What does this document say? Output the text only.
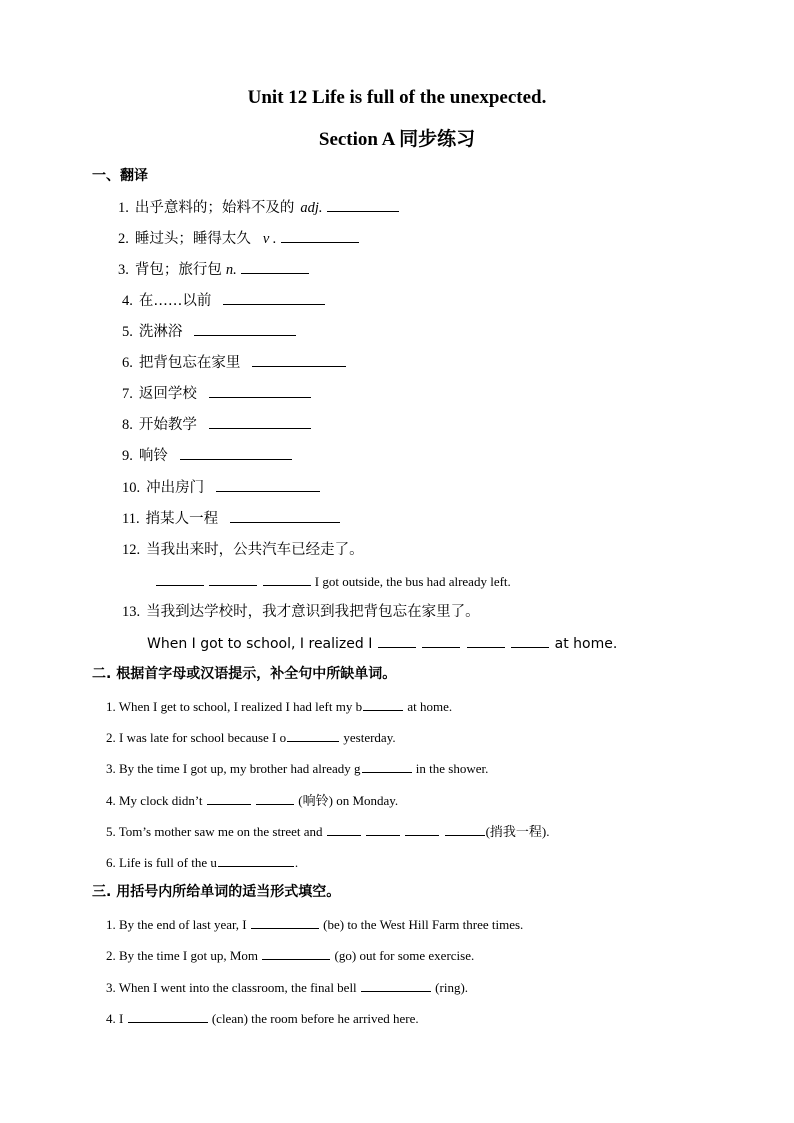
Unit 12 Life is full of the unexpected.
Section A 同步练习
一、翻译
1. 出乎意料的；始料不及的 adj.
2. 睡过头；睡得太久 v .
3. 背包；旅行包 n.
4. 在……以前
5. 洗淋浴
6. 把背包忘在家里
7. 返回学校
8. 开始教学
9. 响铃
10. 冲出房门
11. 捎某人一程
12. 当我出来时，公共汽车已经走了。
I got outside, the bus had already left.
13. 当我到达学校时，我才意识到我把背包忘在家里了。
When I got to school, I realized I	at home.
二. 根据首字母或汉语提示，补全句中所缺单词。
1. When I get to school, I realized I had left my b	at home.
2. I was late for school because I o	yesterday.
3. By the time I got up, my brother had already g	in the shower.
4. My clock didn’t	(响铃) on Monday.
5. Tom’s mother saw me on the street and	(捎我一程).
6. Life is full of the u	.
三. 用括号内所给单词的适当形式填空。
1. By the end of last year, I	(be) to the West Hill Farm three times.
2. By the time I got up, Mom	(go) out for some exercise.
3. When I went into the classroom, the final bell	(ring).
4. I	(clean) the room before he arrived here.
